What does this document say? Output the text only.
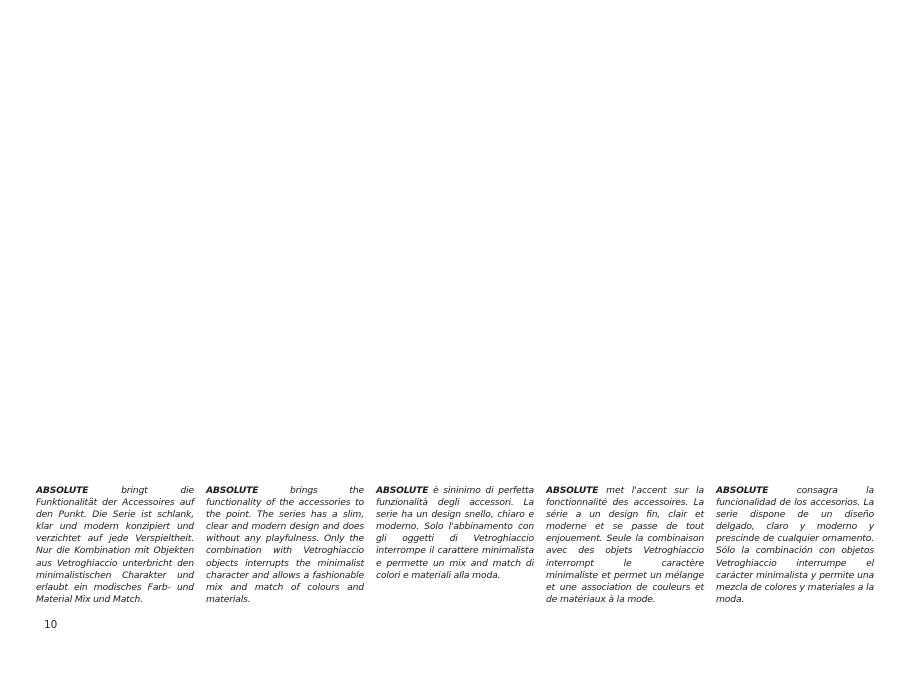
ABSOLUTE bringt die Funktionalität der Accessoires auf den Punkt. Die Serie ist schlank, klar und modern konzipiert und verzichtet auf jede Verspieltheit. Nur die Kombination mit Objekten aus Vetroghiaccio unterbricht den minimalistischen Charakter und erlaubt ein modisches Farb- und Material Mix und Match.
ABSOLUTE brings the functionality of the accessories to the point. The series has a slim, clear and modern design and does without any playfulness. Only the combination with Vetroghiaccio objects interrupts the minimalist character and allows a fashionable mix and match of colours and materials.
ABSOLUTE è sininimo di perfetta funzionalità degli accessori. La serie ha un design snello, chiaro e moderno. Solo l'abbinamento con gli oggetti di Vetroghiaccio interrompe il carattere minimalista e permette un mix and match di colori e materiali alla moda.
ABSOLUTE met l'accent sur la fonctionnalité des accessoires. La série a un design fin, clair et moderne et se passe de tout enjouement. Seule la combinaison avec des objets Vetroghiaccio interrompt le caractère minimaliste et permet un mélange et une association de couleurs et de matériaux à la mode.
ABSOLUTE consagra la funcionalidad de los accesorios. La serie dispone de un diseño delgado, claro y moderno y prescinde de cualquier ornamento. Sólo la combinación con objetos Vetroghiaccio interrumpe el carácter minimalista y permite una mezcla de colores y materiales a la moda.
10
